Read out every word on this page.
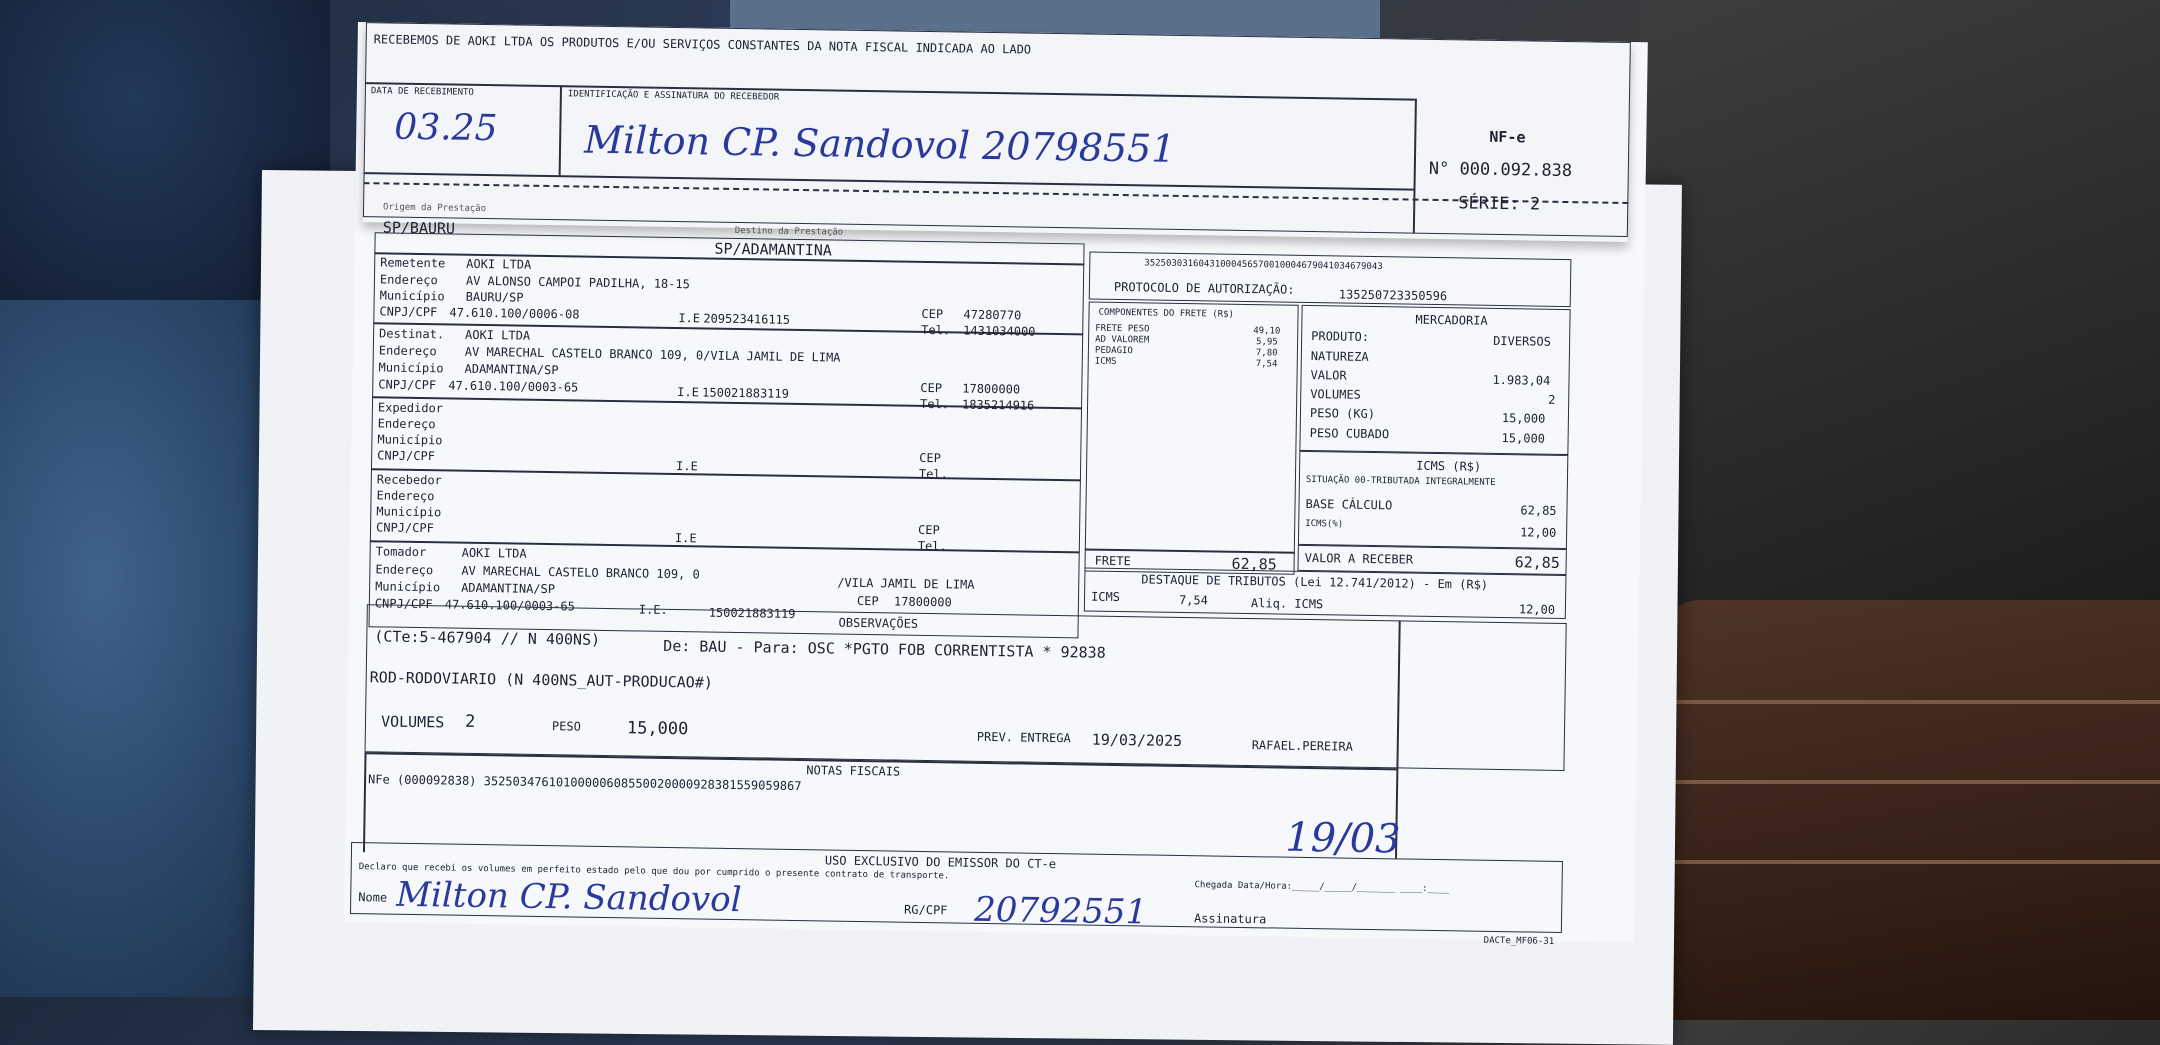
RECEBEMOS DE AOKI LTDA OS PRODUTOS E/OU SERVIÇOS CONSTANTES DA NOTA FISCAL INDICADA AO LADO
DATA DE RECEBIMENTO
03.25
IDENTIFICAÇÃO E ASSINATURA DO RECEBEDOR
Milton CP. Sandovol 20798551	NF-e
N° 000.092.838
SÉRIE: 2
Origem da Prestação
SP/BAURU	Destino da Prestação
SP/ADAMANTINA
Remetente AOKI LTDA
Endereço AV ALONSO CAMPOI PADILHA, 18-15
Município BAURU/SP
CNPJ/CPF 47.610.100/0006-08	I.E 209523416115	CEP 47280770
Tel. 1431034000
Destinat. AOKI LTDA
Endereço AV MARECHAL CASTELO BRANCO 109, 0/VILA JAMIL DE LIMA
Município ADAMANTINA/SP
CNPJ/CPF 47.610.100/0003-65	I.E 150021883119	CEP 17800000
Tel. 1835214916
Expedidor
Endereço
Município
CNPJ/CPF
I.E
CEP
Tel.
Recebedor
Endereço
Município
CNPJ/CPF
I.E
CEP
Tel.
Tomador	AOKI LTDA
Endereço AV MARECHAL CASTELO BRANCO 109, 0
/VILA JAMIL DE LIMA
Município ADAMANTINA/SP
CNPJ/CPF 47.610.100/0003-65	I.E.	150021883119
CEP 17800000
35250303160431000456570010004679041034679043
PROTOCOLO DE AUTORIZAÇÃO:	135250723350596
COMPONENTES DO FRETE (R$)
FRETE PESO	49,10
AD VALOREM	5,95
PEDAGIO	7,80
ICMS	7,54
FRETE	62,85
MERCADORIA
PRODUTO:	DIVERSOS
NATUREZA
VALOR	1.983,04
VOLUMES	2
PESO (KG)	15,000
PESO CUBADO	15,000
ICMS (R$)
SITUAÇÃO 00-TRIBUTADA INTEGRALMENTE
BASE CÁLCULO	62,85
ICMS(%)
12,00
VALOR A RECEBER	62,85
DESTAQUE DE TRIBUTOS (Lei 12.741/2012) - Em (R$)
ICMS	7,54	Aliq. ICMS	12,00
OBSERVAÇÕES
(CTe:5-467904 // N 400NS)	De: BAU - Para: OSC *PGTO FOB CORRENTISTA * 92838
ROD-RODOVIARIO (N 400NS_AUT-PRODUCAO#)
VOLUMES 2	PESO	15,000	PREV. ENTREGA 19/03/2025	RAFAEL.PEREIRA
NOTAS FISCAIS
NFe (000092838) 35250347610100000608550020000928381559059867
19/03
USO EXCLUSIVO DO EMISSOR DO CT-e
Declaro que recebi os volumes em perfeito estado pelo que dou por cumprido o presente contrato de transporte.
Chegada Data/Hora:_____/_____/_______ ____:____
Nome Milton CP. Sandovol	RG/CPF 20792551	Assinatura
DACTe_MF06-31
